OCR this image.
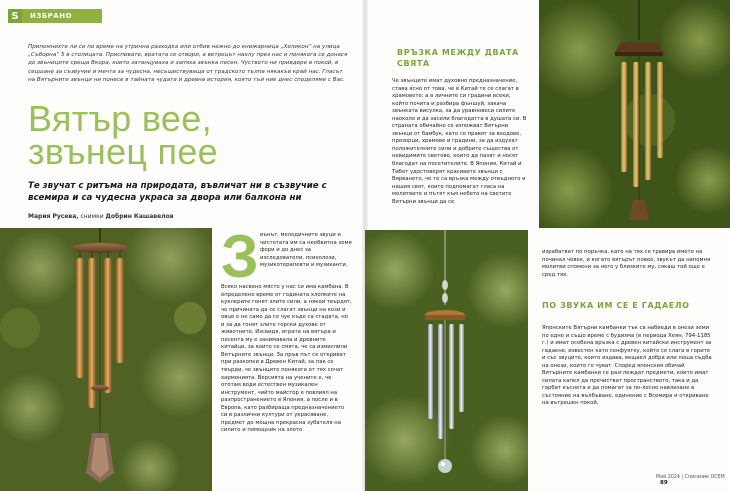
S	ИЗБРАНО

Припомнихте ли си по време на утринна разходка или отбив нежно до книжарница „Хеликон“ на улица „Съборна“ 5 в столицата. Приспивате, вратата се отвори, а ветрецът нахлу през нас и понякога се донася до звъниците среща Вкора, които затанцуваха и запяха звънка песен. Чуството ни привдере в покой, в сецшане за съзвучие и мечта за чудесна, несъществуваща от градското тълпа някакъв край нас. Гласът на Вятърните звънци ни понесе в тайната чудата и древна история, която тъй ние днес споделяме с Вас.

Вятър вее,
звънец пее

Те звучат с ритъма на природата, въвличат ни в съзвучие с всемира и са чудесна украса за двора или балкона ни

Мария Русева, снимки Добрин Кашавелов

З вънът, мелодичните звуци и чистотата им са необвитна земя фори и до днес за изследователи, психолози, музикотерапевти и музиканти.

Всяко насвено място у нас си има камбана. В определено време от годината хлопките на куклерите гонят злите сили, а някои твърдят, че причината да се слагат звънци на кози и овце е не само да се чуе къде са стадата, но и за да гонят злите горски духове от животните. Изсвидя, играта на вятъра и песента му е занимавала и древните китайци, за които се смята, че са измислили Вятърните звънци. За пръв път се откриват при разкопки в Древен Китай, за пак се твърди, че звънците понякога от тях сочат хармонията. Версията на учените е, че ототам води естествен музикален инструмент, чийто майстор е повлиял на разпространението в Япония, а после и в Европа, като разбираща предназначението си в различни култури от украсяване, предмет до мощна прекрасна зубателя на силите и помощник на злото.

ВРЪЗКА МЕЖДУ ДВАТА СВЯТА

Че звънците имат духовно предназначение, става ясно от това, че в Китай те се слагат в храмовете; а в личните си градини всеки, който почита и разбира фъншуй, закача звънката висулка, за да уравновеси силите наоколо и да засили благодатта в душата си. В страната обичайно се изпожват Вятърни звънци от бамбук, като се правят за входове, прозорци, храмове и градини, за да издухат положителните сили и добрите същества от невидимите светове, които да пазят и носят благодат на посетителите. В Япония, Китай и Тибет удостоверят красивите звънци с Вярването, че те са връзка между отвъдното и нашия свят, които подпомагат гласа на молитвите и пътят към небето на светите Вятърни звънци да се

израбатват по поръчка, като на тях се гравира името на починал човек, и когато вятърът повее, звукът да напомня молитви спомени за него у близките му, сякаш той още е сред тях.

ПО ЗВУКА ИМ СЕ Е ГАДАЕЛО

Японските Вятърни камбанки тък са набиеди в онези земи по едно и също време с будизма (в периода Хеян, 794-1185 г.) и имат особена връзка с древен китайски инструмент за гадаене, известен като сенфуятку, който се слага в горите и със звуците, които издава, вещаел добра или лоша съдба на онези, които го чуват. Според японския обичай Вятърните камбанки се разглеждат предмети, които имат силата капел да пречистват пространството, така и да гарбат къснета и да помагат за по-лесно навлизане в състояние на вълбъване, единение с Всемира и откриване на вътрешен покой.

Май 2024 | Списание ОСЕМ 89
